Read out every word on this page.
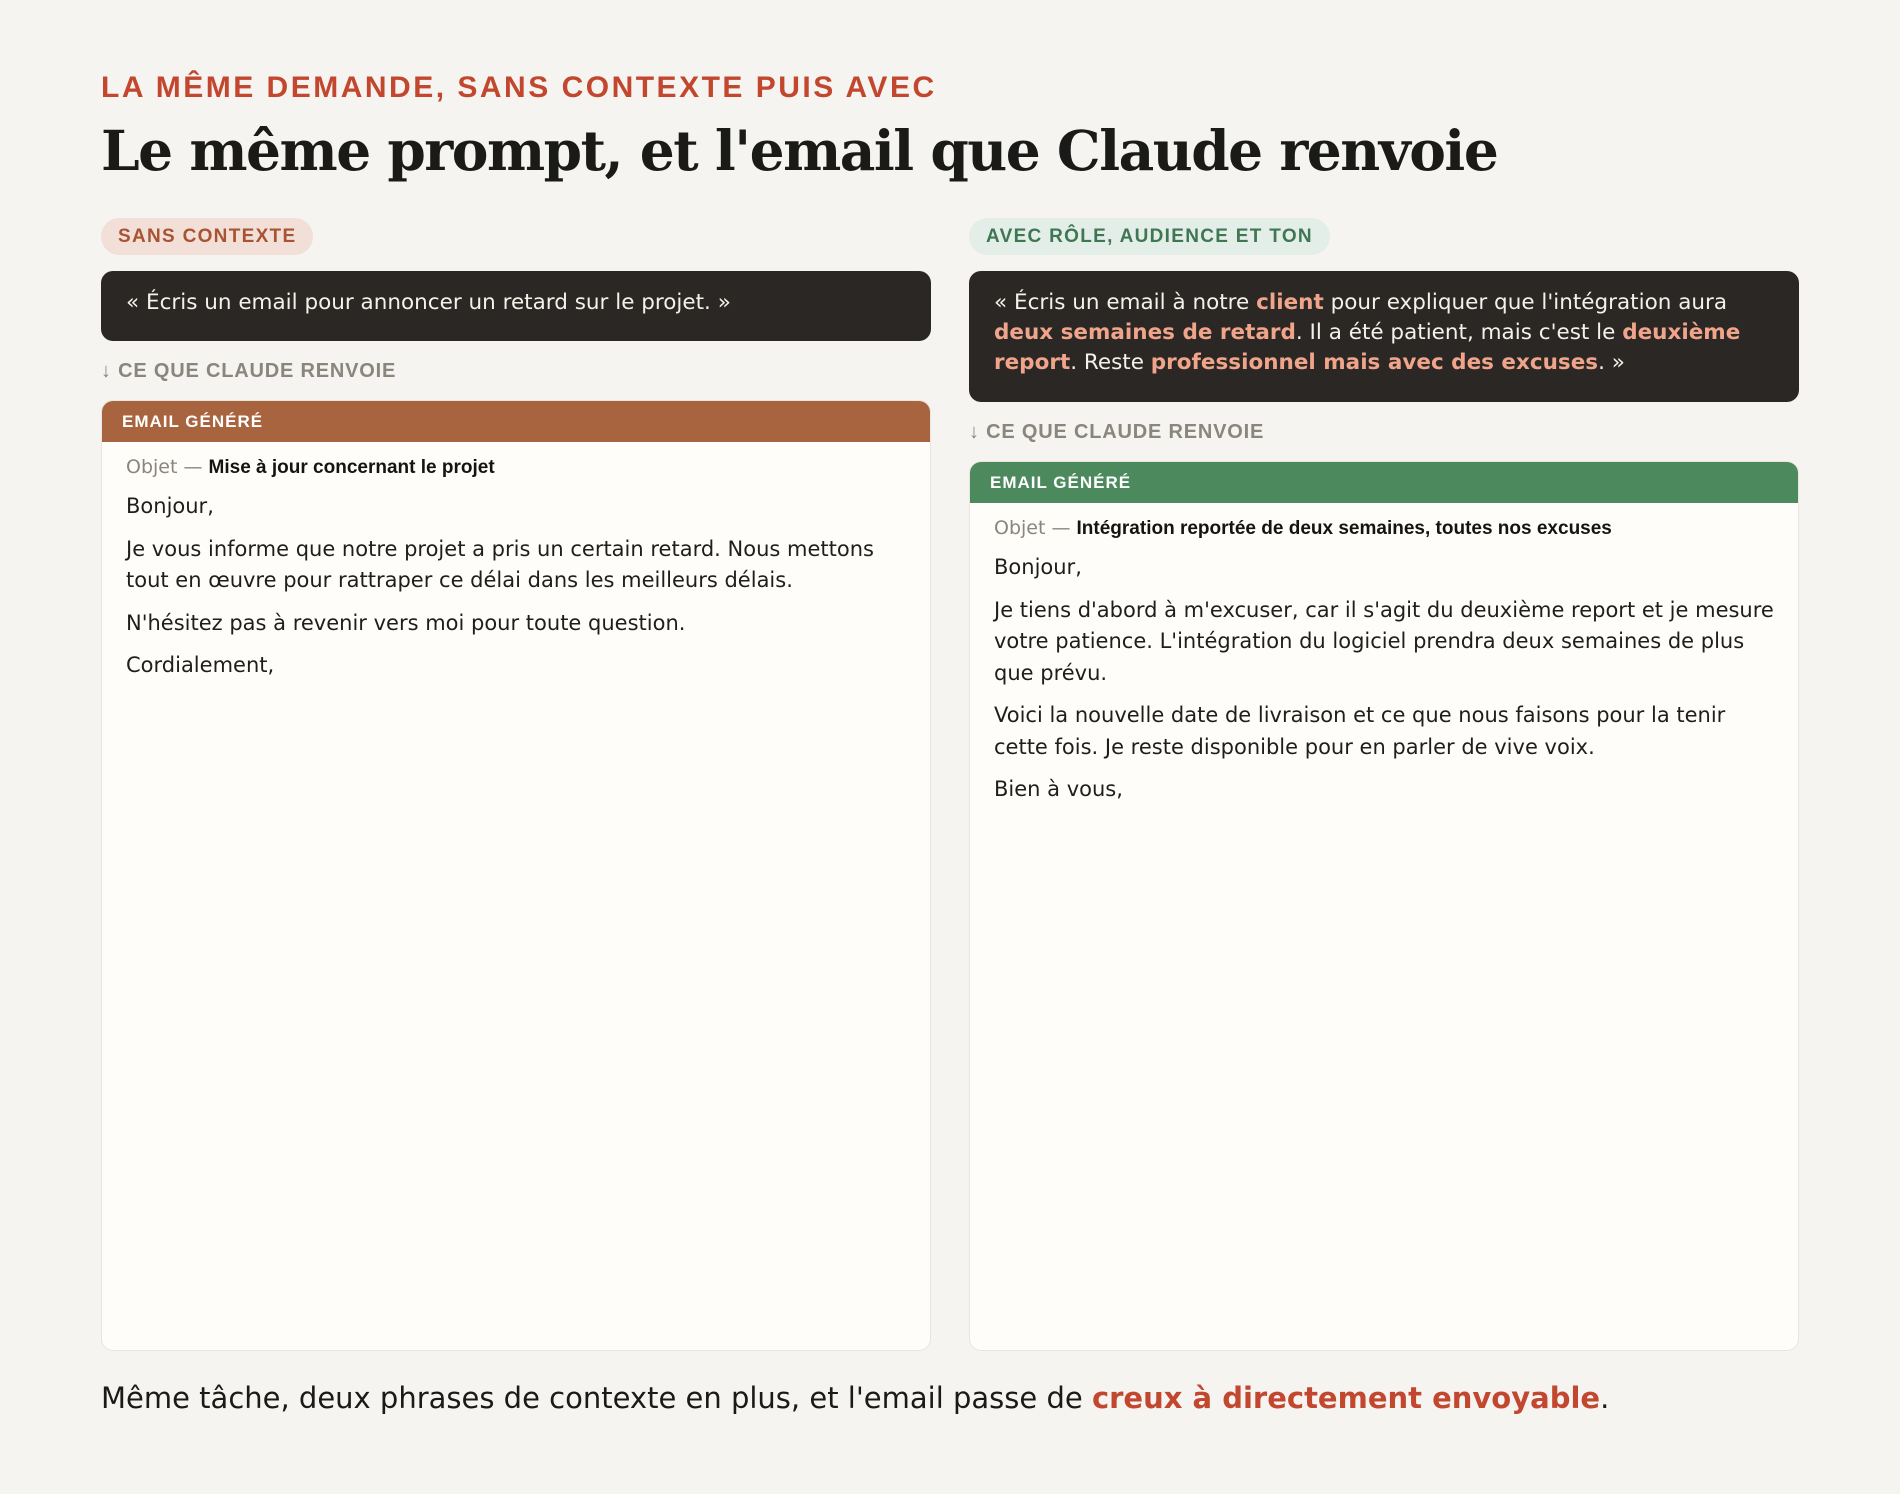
LA MÊME DEMANDE, SANS CONTEXTE PUIS AVEC
Le même prompt, et l'email que Claude renvoie
SANS CONTEXTE
« Écris un email pour annoncer un retard sur le projet. »
↓ CE QUE CLAUDE RENVOIE
EMAIL GÉNÉRÉ
Objet — Mise à jour concernant le projet

Bonjour,

Je vous informe que notre projet a pris un certain retard. Nous mettons tout en œuvre pour rattraper ce délai dans les meilleurs délais.

N'hésitez pas à revenir vers moi pour toute question.

Cordialement,

AVEC RÔLE, AUDIENCE ET TON
« Écris un email à notre client pour expliquer que l'intégration aura deux semaines de retard. Il a été patient, mais c'est le deuxième report. Reste professionnel mais avec des excuses. »
↓ CE QUE CLAUDE RENVOIE
EMAIL GÉNÉRÉ
Objet — Intégration reportée de deux semaines, toutes nos excuses

Bonjour,

Je tiens d'abord à m'excuser, car il s'agit du deuxième report et je mesure votre patience. L'intégration du logiciel prendra deux semaines de plus que prévu.

Voici la nouvelle date de livraison et ce que nous faisons pour la tenir cette fois. Je reste disponible pour en parler de vive voix.

Bien à vous,

Même tâche, deux phrases de contexte en plus, et l'email passe de creux à directement envoyable.
